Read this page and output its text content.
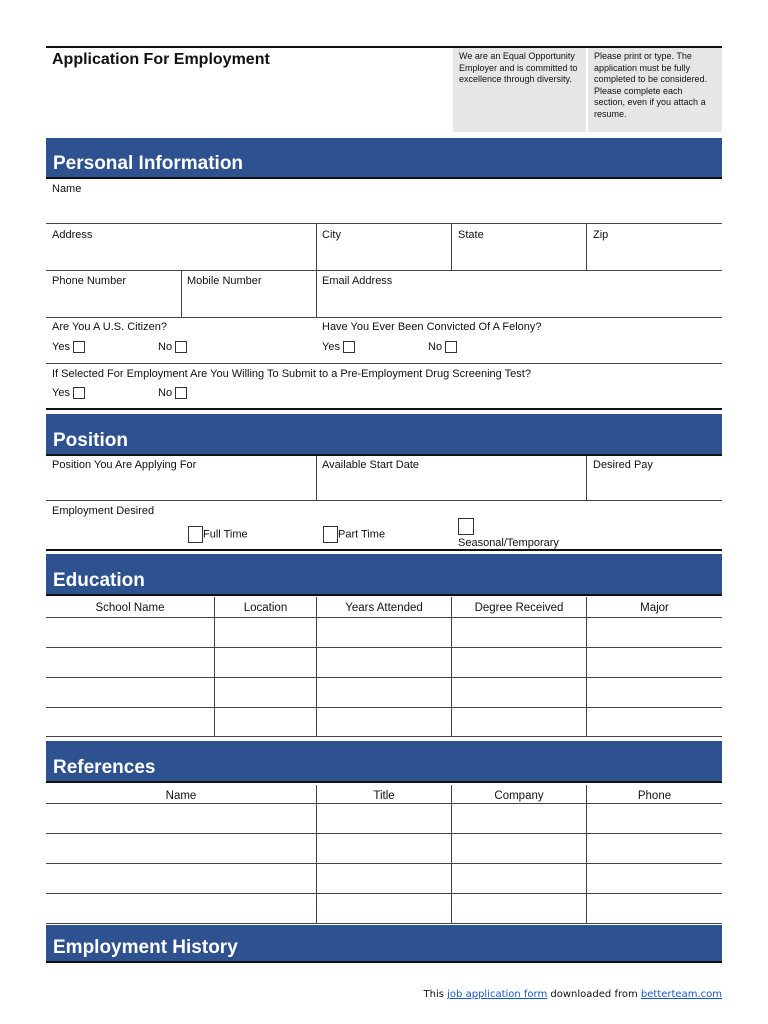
Application For Employment	We are an Equal Opportunity Employer and is committed to excellence through diversity.
Please print or type. The application must be fully completed to be considered. Please complete each section, even if you attach a resume.
Personal Information
Name
Address	City	State	Zip
Phone Number	Mobile Number	Email Address
Are You A U.S. Citizen?
Yes	No
Have You Ever Been Convicted Of A Felony?
Yes	No
If Selected For Employment Are You Willing To Submit to a Pre-Employment Drug Screening Test?
Yes	No
Position
Position You Are Applying For	Available Start Date	Desired Pay
Employment Desired
Full Time	Part Time
Seasonal/Temporary
Education
School Name	Location	Years Attended	Degree Received	Major
References
Name	Title	Company	Phone
Employment History
This job application form downloaded from betterteam.com
